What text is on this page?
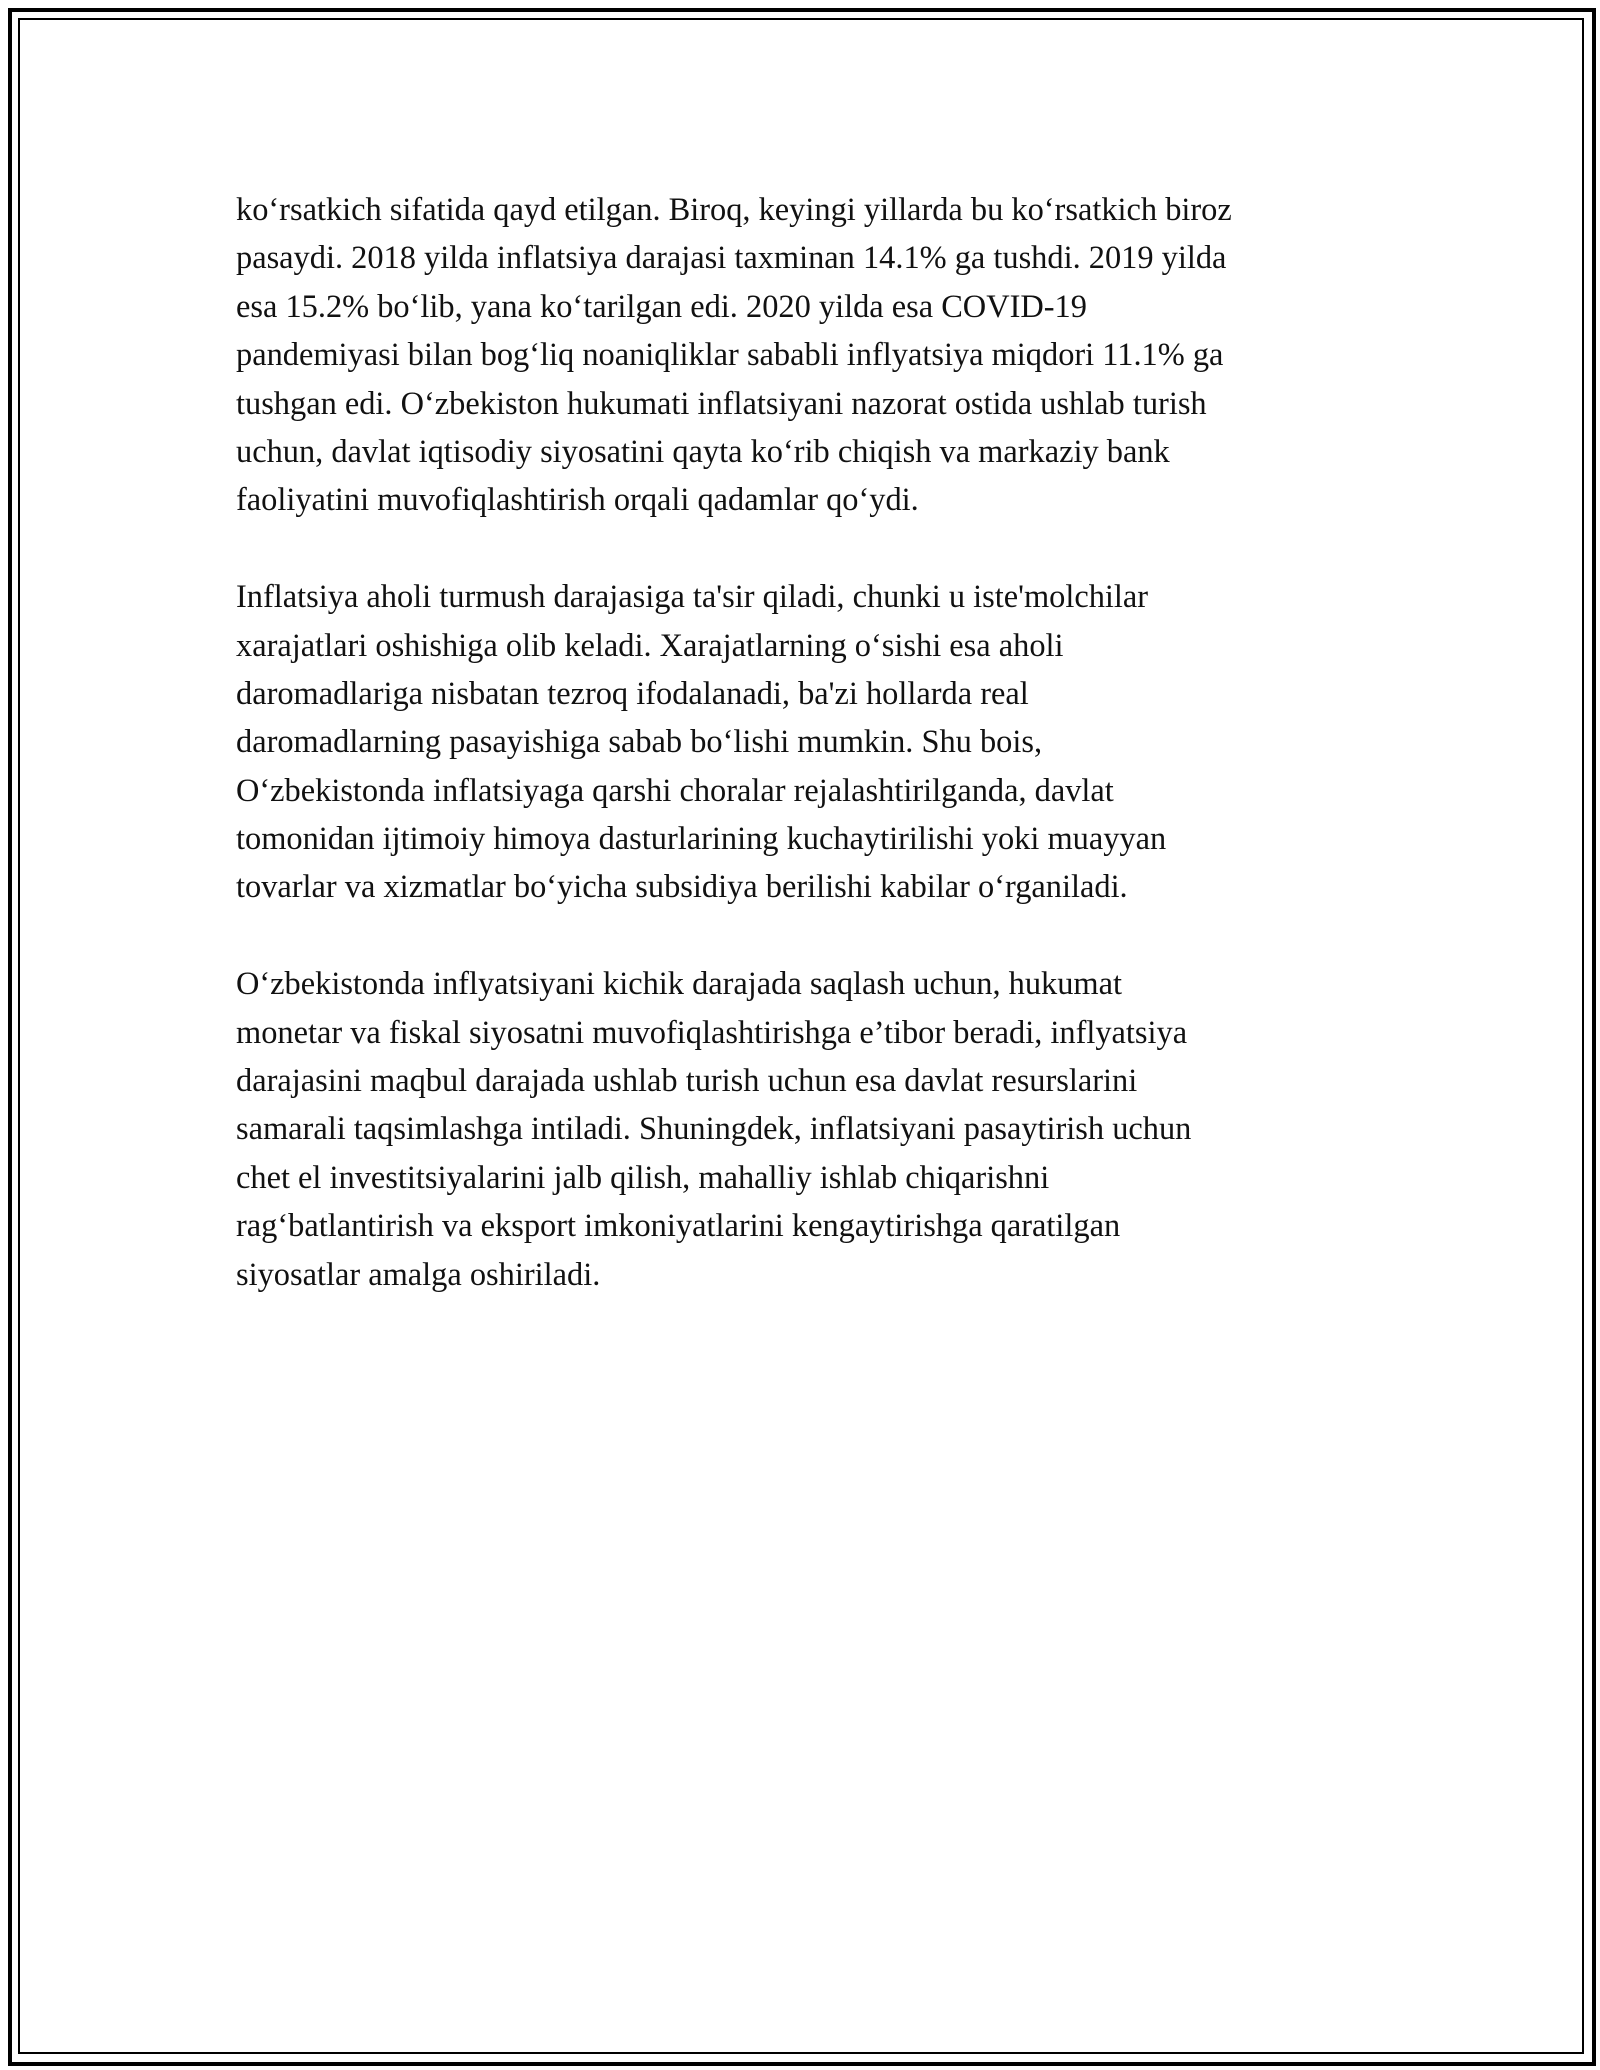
ko‘rsatkich sifatida qayd etilgan. Biroq, keyingi yillarda bu ko‘rsatkich biroz
pasaydi. 2018 yilda inflatsiya darajasi taxminan 14.1% ga tushdi. 2019 yilda
esa 15.2% bo‘lib, yana ko‘tarilgan edi. 2020 yilda esa COVID-19
pandemiyasi bilan bog‘liq noaniqliklar sababli inflyatsiya miqdori 11.1% ga
tushgan edi. O‘zbekiston hukumati inflatsiyani nazorat ostida ushlab turish
uchun, davlat iqtisodiy siyosatini qayta ko‘rib chiqish va markaziy bank
faoliyatini muvofiqlashtirish orqali qadamlar qo‘ydi.

Inflatsiya aholi turmush darajasiga ta'sir qiladi, chunki u iste'molchilar
xarajatlari oshishiga olib keladi. Xarajatlarning o‘sishi esa aholi
daromadlariga nisbatan tezroq ifodalanadi, ba'zi hollarda real
daromadlarning pasayishiga sabab bo‘lishi mumkin. Shu bois,
O‘zbekistonda inflatsiyaga qarshi choralar rejalashtirilganda, davlat
tomonidan ijtimoiy himoya dasturlarining kuchaytirilishi yoki muayyan
tovarlar va xizmatlar bo‘yicha subsidiya berilishi kabilar o‘rganiladi.

O‘zbekistonda inflyatsiyani kichik darajada saqlash uchun, hukumat
monetar va fiskal siyosatni muvofiqlashtirishga e’tibor beradi, inflyatsiya
darajasini maqbul darajada ushlab turish uchun esa davlat resurslarini
samarali taqsimlashga intiladi. Shuningdek, inflatsiyani pasaytirish uchun
chet el investitsiyalarini jalb qilish, mahalliy ishlab chiqarishni
rag‘batlantirish va eksport imkoniyatlarini kengaytirishga qaratilgan
siyosatlar amalga oshiriladi.
